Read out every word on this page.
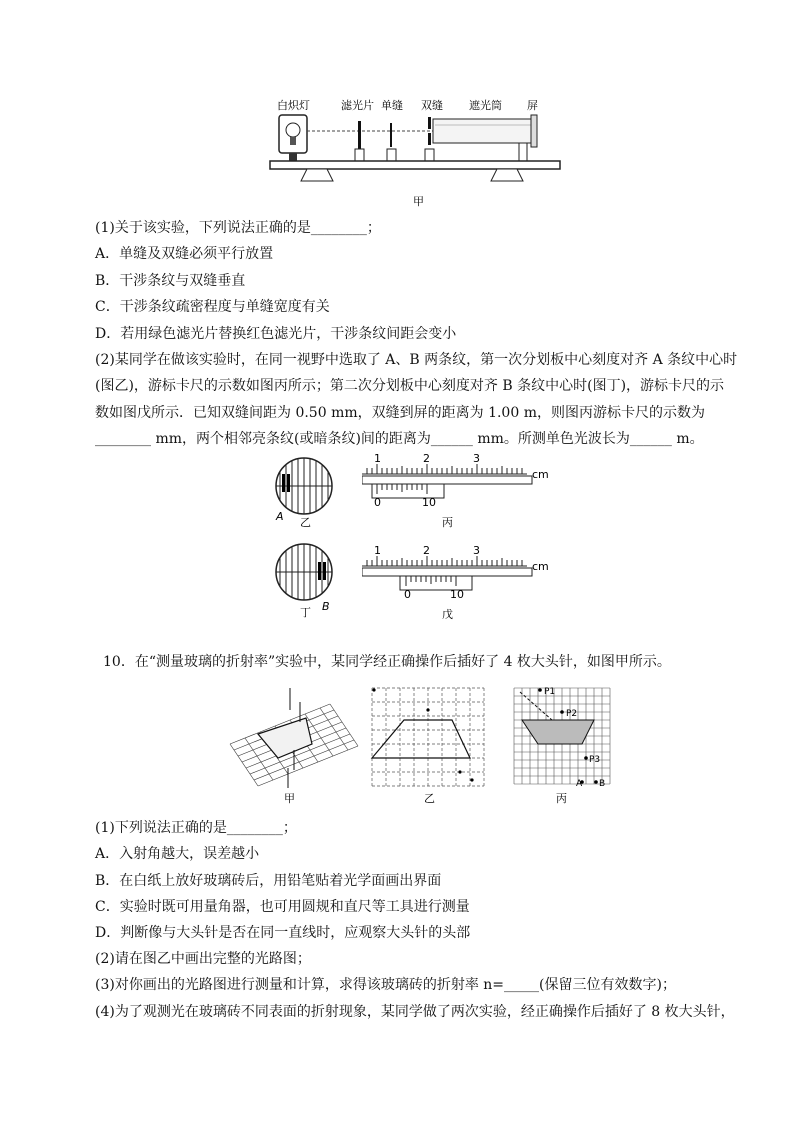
白炽灯	滤光片 单缝 双缝 遮光筒 屏
甲
(1)关于该实验，下列说法正确的是________；
A．单缝及双缝必须平行放置
B．干涉条纹与双缝垂直
C．干涉条纹疏密程度与单缝宽度有关
D．若用绿色滤光片替换红色滤光片，干涉条纹间距会变小
(2)某同学在做该实验时，在同一视野中选取了 A、B 两条纹，第一次分划板中心刻度对齐 A 条纹中心时
(图乙)，游标卡尺的示数如图丙所示；第二次分划板中心刻度对齐 B 条纹中心时(图丁)，游标卡尺的示
数如图戊所示．已知双缝间距为 0.50 mm，双缝到屏的距离为 1.00 m，则图丙游标卡尺的示数为
________ mm，两个相邻亮条纹(或暗条纹)间的距离为______ mm。所测单色光波长为______ m。
A 乙
1	2	3
cm
0	10
丙
丁 B
1	2	3
cm
0	10
戊
10．在“测量玻璃的折射率”实验中，某同学经正确操作后插好了 4 枚大头针，如图甲所示。
甲	乙
P1
P2
P3
A B
丙
(1)下列说法正确的是________；
A．入射角越大，误差越小
B．在白纸上放好玻璃砖后，用铅笔贴着光学面画出界面
C．实验时既可用量角器，也可用圆规和直尺等工具进行测量
D．判断像与大头针是否在同一直线时，应观察大头针的头部
(2)请在图乙中画出完整的光路图；
(3)对你画出的光路图进行测量和计算，求得该玻璃砖的折射率 n=_____(保留三位有效数字)；
(4)为了观测光在玻璃砖不同表面的折射现象，某同学做了两次实验，经正确操作后插好了 8 枚大头针，
